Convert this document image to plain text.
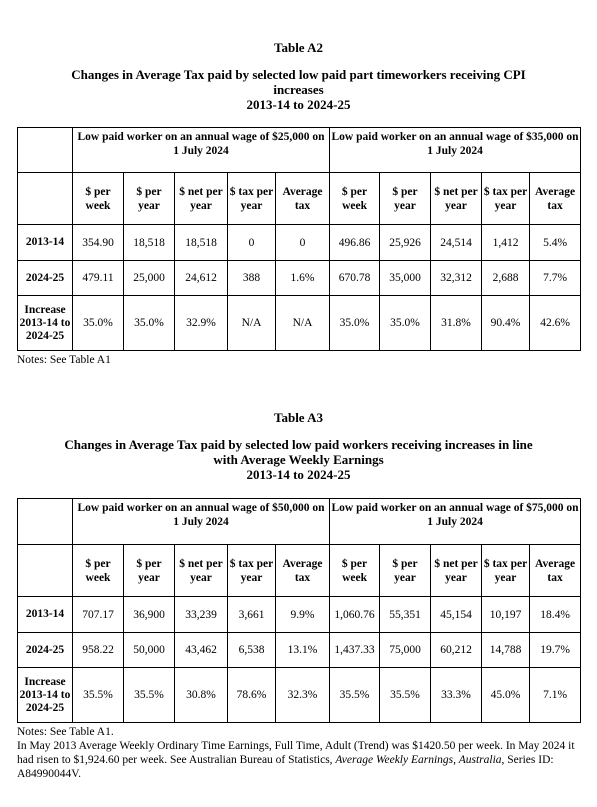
Table A2
Changes in Average Tax paid by selected low paid part timeworkers receiving CPI
increases
2013-14 to 2024-25
	Low paid worker on an annual wage of $25,000 on 1 July 2024					Low paid worker on an annual wage of $35,000 on 1 July 2024				
	$ per week	$ per year	$ net per year	$ tax per year	Average tax	$ per week	$ per year	$ net per year	$ tax per year	Average tax
2013-14	354.90	18,518	18,518	0	0	496.86	25,926	24,514	1,412	5.4%
2024-25	479.11	25,000	24,612	388	1.6%	670.78	35,000	32,312	2,688	7.7%
Increase 2013-14 to 2024-25	35.0%	35.0%	32.9%	N/A	N/A	35.0%	35.0%	31.8%	90.4%	42.6%
Notes: See Table A1
Table A3
Changes in Average Tax paid by selected low paid workers receiving increases in line
with Average Weekly Earnings
2013-14 to 2024-25
	Low paid worker on an annual wage of $50,000 on 1 July 2024					Low paid worker on an annual wage of $75,000 on 1 July 2024				
	$ per week	$ per year	$ net per year	$ tax per year	Average tax	$ per week	$ per year	$ net per year	$ tax per year	Average tax
2013-14	707.17	36,900	33,239	3,661	9.9%	1,060.76	55,351	45,154	10,197	18.4%
2024-25	958.22	50,000	43,462	6,538	13.1%	1,437.33	75,000	60,212	14,788	19.7%
Increase 2013-14 to 2024-25	35.5%	35.5%	30.8%	78.6%	32.3%	35.5%	35.5%	33.3%	45.0%	7.1%
Notes: See Table A1.
In May 2013 Average Weekly Ordinary Time Earnings, Full Time, Adult (Trend) was $1420.50 per week. In May 2024 it had risen to $1,924.60 per week. See Australian Bureau of Statistics, Average Weekly Earnings, Australia, Series ID: A84990044V.
